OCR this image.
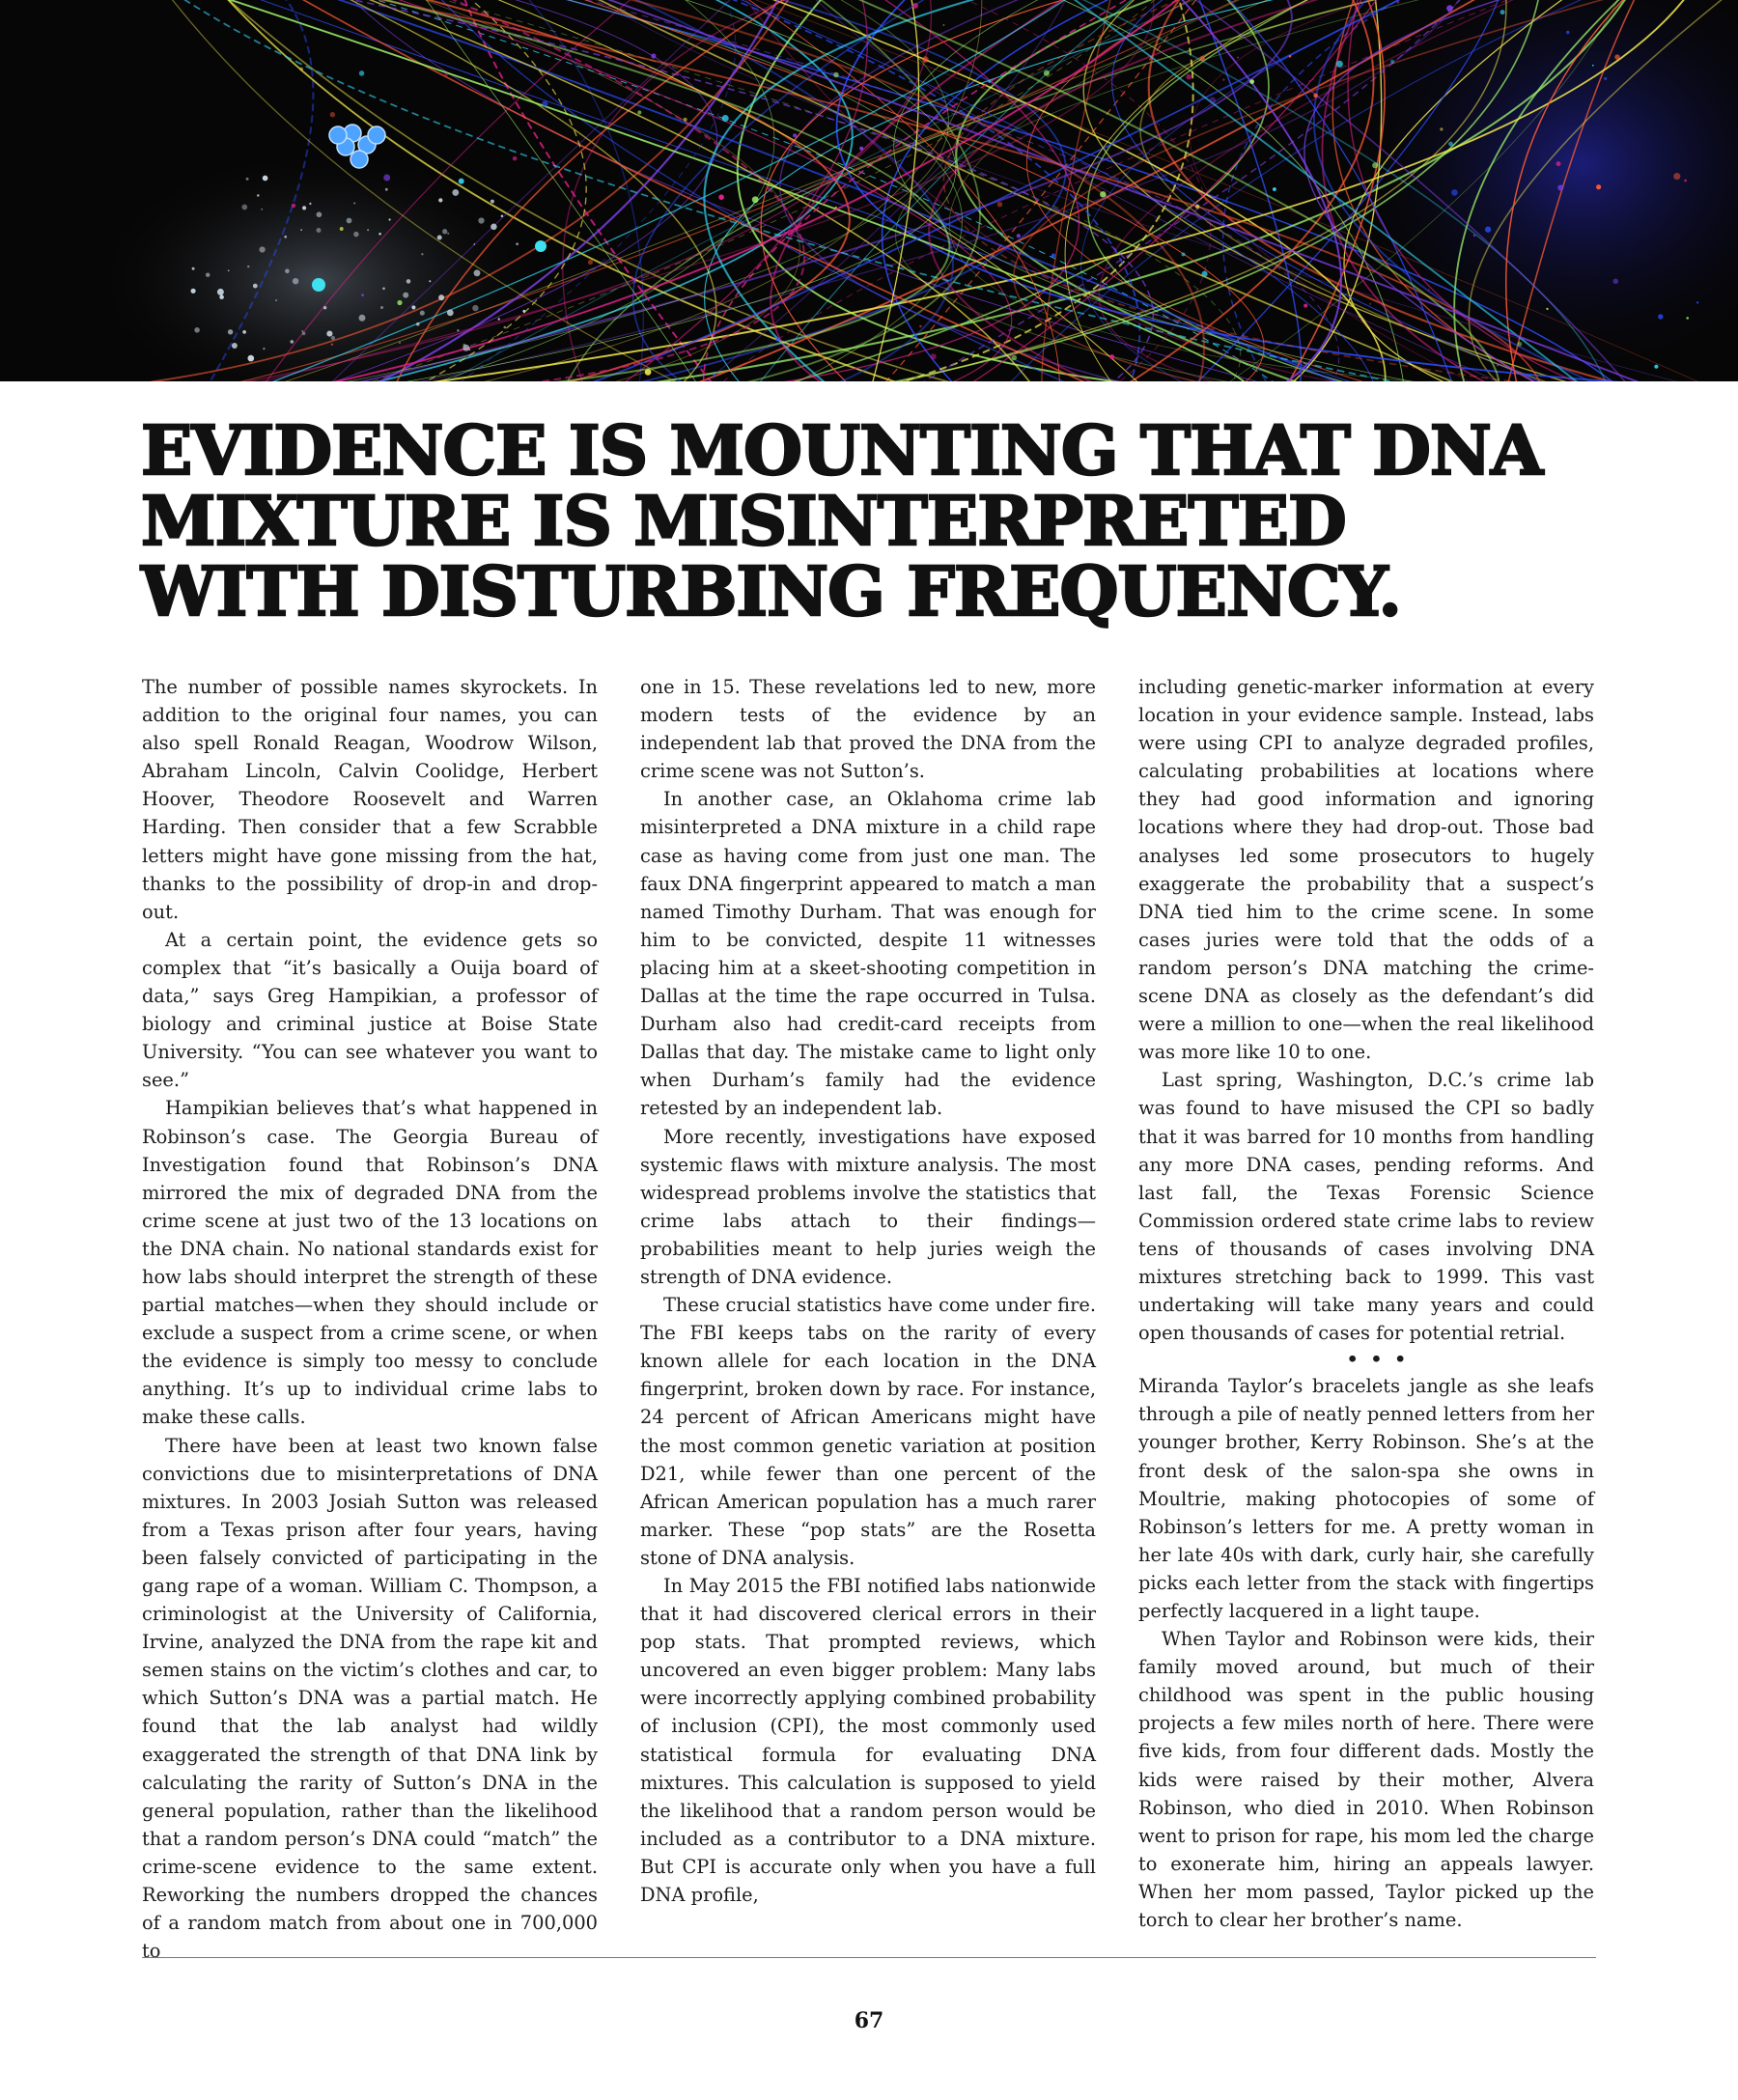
EVIDENCE IS MOUNTING THAT DNA
MIXTURE IS MISINTERPRETED
WITH DISTURBING FREQUENCY.

The number of possible names skyrockets. In addition to the original four names, you can also spell Ronald Reagan, Woodrow Wilson, Abraham Lincoln, Calvin Coolidge, Herbert Hoover, Theodore Roosevelt and Warren Harding. Then consider that a few Scrabble letters might have gone missing from the hat, thanks to the possibility of drop-in and drop-out.

At a certain point, the evidence gets so complex that “it’s basically a Ouija board of data,” says Greg Hampikian, a professor of biology and criminal justice at Boise State University. “You can see whatever you want to see.”

Hampikian believes that’s what happened in Robinson’s case. The Georgia Bureau of Investigation found that Robinson’s DNA mirrored the mix of degraded DNA from the crime scene at just two of the 13 locations on the DNA chain. No national standards exist for how labs should interpret the strength of these partial matches—when they should include or exclude a suspect from a crime scene, or when the evidence is simply too messy to conclude anything. It’s up to individual crime labs to make these calls.

There have been at least two known false convictions due to misinterpretations of DNA mixtures. In 2003 Josiah Sutton was released from a Texas prison after four years, having been falsely convicted of participating in the gang rape of a woman. William C. Thompson, a criminologist at the University of California, Irvine, analyzed the DNA from the rape kit and semen stains on the victim’s clothes and car, to which Sutton’s DNA was a partial match. He found that the lab analyst had wildly exaggerated the strength of that DNA link by calculating the rarity of Sutton’s DNA in the general population, rather than the likelihood that a random person’s DNA could “match” the crime-scene evidence to the same extent. Reworking the numbers dropped the chances of a random match from about one in 700,000 to

one in 15. These revelations led to new, more modern tests of the evidence by an independent lab that proved the DNA from the crime scene was not Sutton’s.

In another case, an Oklahoma crime lab misinterpreted a DNA mixture in a child rape case as having come from just one man. The faux DNA fingerprint appeared to match a man named Timothy Durham. That was enough for him to be convicted, despite 11 witnesses placing him at a skeet-shooting competition in Dallas at the time the rape occurred in Tulsa. Durham also had credit-card receipts from Dallas that day. The mistake came to light only when Durham’s family had the evidence retested by an independent lab.

More recently, investigations have exposed systemic flaws with mixture analysis. The most widespread problems involve the statistics that crime labs attach to their findings—probabilities meant to help juries weigh the strength of DNA evidence.

These crucial statistics have come under fire. The FBI keeps tabs on the rarity of every known allele for each location in the DNA fingerprint, broken down by race. For instance, 24 percent of African Americans might have the most common genetic variation at position D21, while fewer than one percent of the African American population has a much rarer marker. These “pop stats” are the Rosetta stone of DNA analysis.

In May 2015 the FBI notified labs nationwide that it had discovered clerical errors in their pop stats. That prompted reviews, which uncovered an even bigger problem: Many labs were incorrectly applying combined probability of inclusion (CPI), the most commonly used statistical formula for evaluating DNA mixtures. This calculation is supposed to yield the likelihood that a random person would be included as a contributor to a DNA mixture. But CPI is accurate only when you have a full DNA profile,

including genetic-marker information at every location in your evidence sample. Instead, labs were using CPI to analyze degraded profiles, calculating probabilities at locations where they had good information and ignoring locations where they had drop-out. Those bad analyses led some prosecutors to hugely exaggerate the probability that a suspect’s DNA tied him to the crime scene. In some cases juries were told that the odds of a random person’s DNA matching the crime-scene DNA as closely as the defendant’s did were a million to one—when the real likelihood was more like 10 to one.

Last spring, Washington, D.C.’s crime lab was found to have misused the CPI so badly that it was barred for 10 months from handling any more DNA cases, pending reforms. And last fall, the Texas Forensic Science Commission ordered state crime labs to review tens of thousands of cases involving DNA mixtures stretching back to 1999. This vast undertaking will take many years and could open thousands of cases for potential retrial.

• • •

Miranda Taylor’s bracelets jangle as she leafs through a pile of neatly penned letters from her younger brother, Kerry Robinson. She’s at the front desk of the salon-spa she owns in Moultrie, making photocopies of some of Robinson’s letters for me. A pretty woman in her late 40s with dark, curly hair, she carefully picks each letter from the stack with fingertips perfectly lacquered in a light taupe.

When Taylor and Robinson were kids, their family moved around, but much of their childhood was spent in the public housing projects a few miles north of here. There were five kids, from four different dads. Mostly the kids were raised by their mother, Alvera Robinson, who died in 2010. When Robinson went to prison for rape, his mom led the charge to exonerate him, hiring an appeals lawyer. When her mom passed, Taylor picked up the torch to clear her brother’s name.

67
